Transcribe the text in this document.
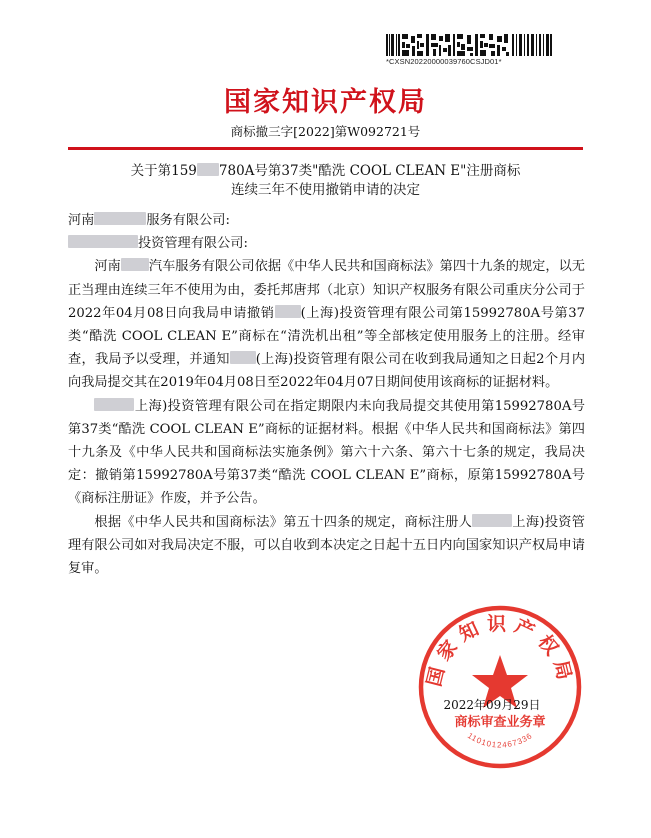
*CXSN20220000039760CSJD01*
国家知识产权局
商标撤三字[2022]第W092721号
关于第159 780A号第37类"酷洗 COOL CLEAN E"注册商标
连续三年不使用撤销申请的决定

河南	服务有限公司:

投资管理有限公司:

河南 汽车服务有限公司依据《中华人民共和国商标法》第四十九条的规定，以无正当理由连续三年不使用为由，委托邦唐邦（北京）知识产权服务有限公司重庆分公司于2022年04月08日向我局申请撤销 (上海)投资管理有限公司第15992780A号第37类“酷洗 COOL CLEAN E”商标在“清洗机出租”等全部核定使用服务上的注册。经审查，我局予以受理，并通知 (上海)投资管理有限公司在收到我局通知之日起2个月内向我局提交其在2019年04月08日至2022年04月07日期间使用该商标的证据材料。

上海)投资管理有限公司在指定期限内未向我局提交其使用第15992780A号第37类“酷洗 COOL CLEAN E”商标的证据材料。根据《中华人民共和国商标法》第四十九条及《中华人民共和国商标法实施条例》第六十六条、第六十七条的规定，我局决定：撤销第15992780A号第37类“酷洗 COOL CLEAN E”商标，原第15992780A号《商标注册证》作废，并予公告。

根据《中华人民共和国商标法》第五十四条的规定，商标注册人	上海)投资管理有限公司如对我局决定不服，可以自收到本决定之日起十五日内向国家知识产权局申请复审。

国家知识产权局
商标审查业务章
1101012467336
2022年09月29日
